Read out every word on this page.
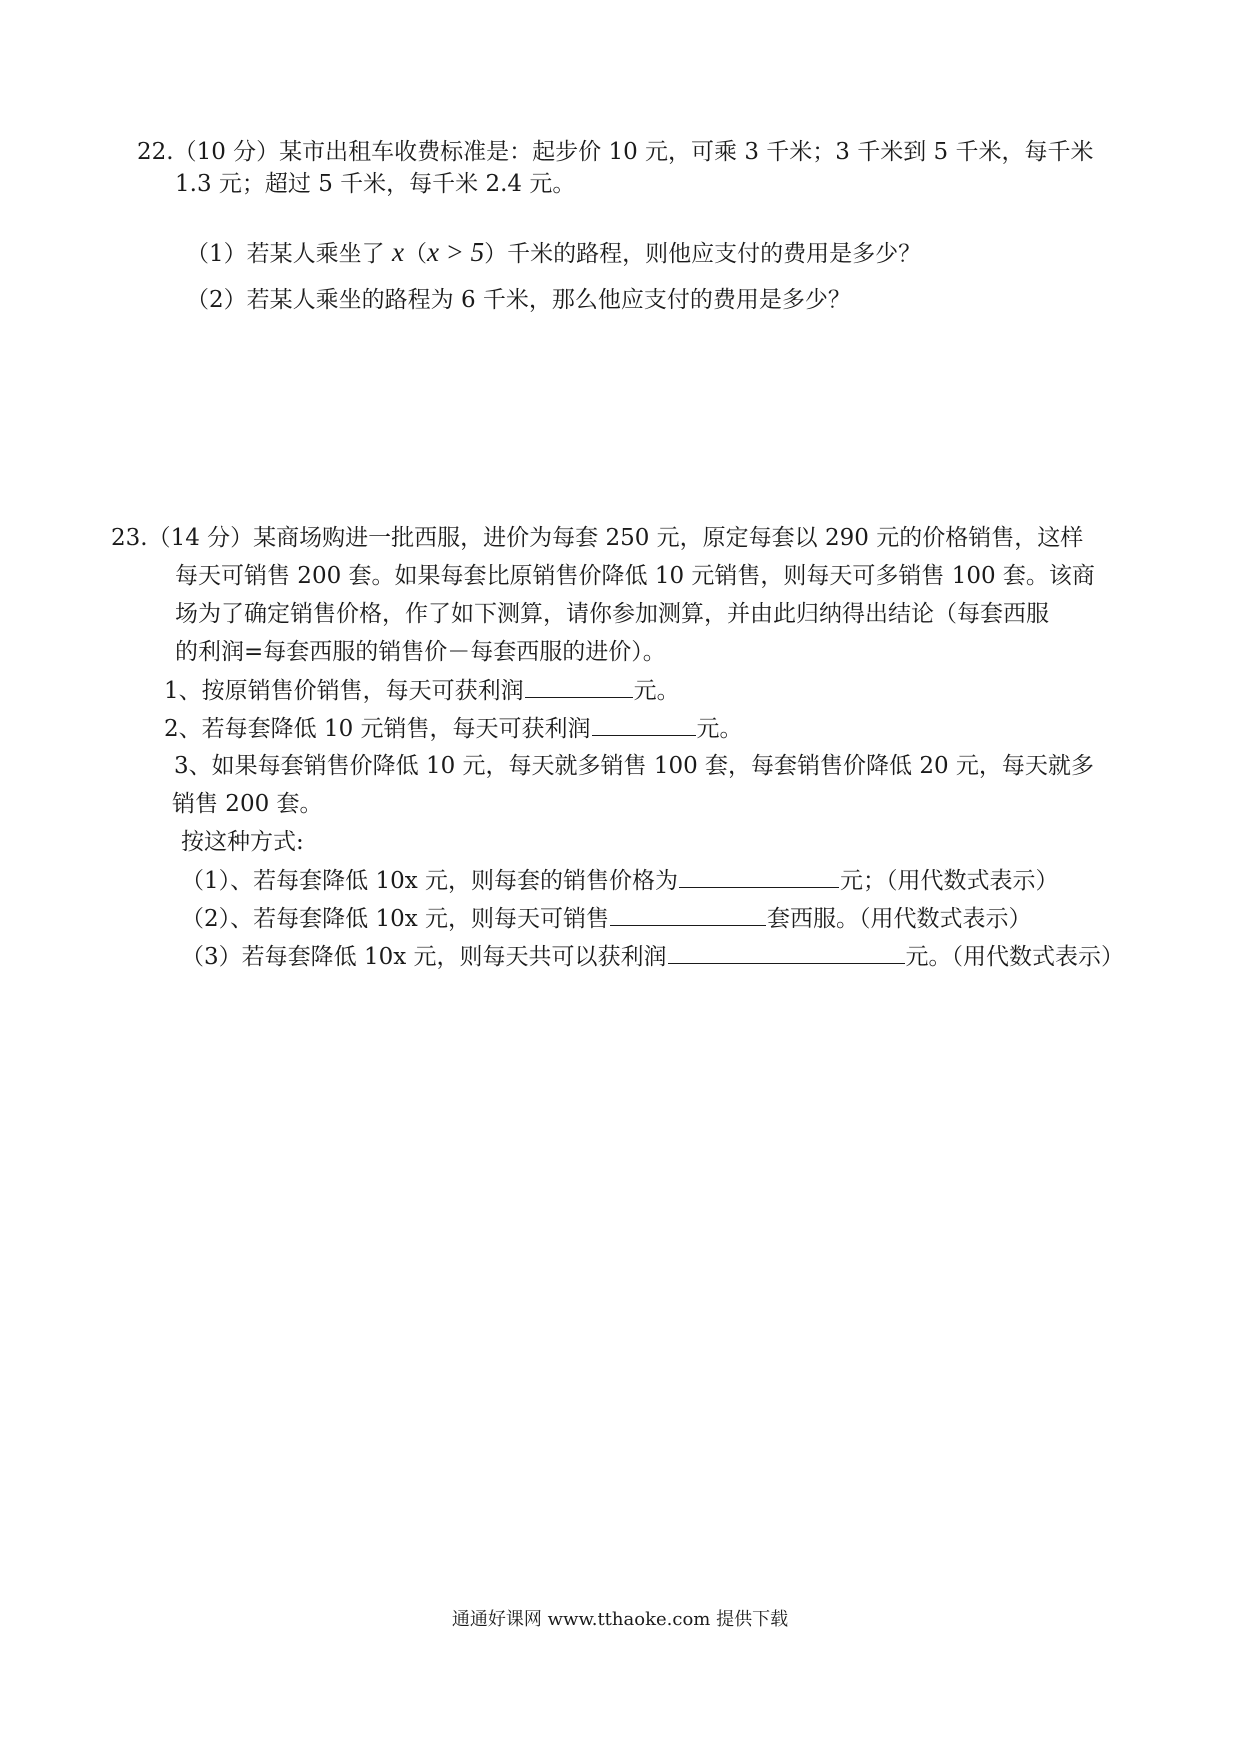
22.（10 分）某市出租车收费标准是：起步价 10 元，可乘 3 千米；3 千米到 5 千米，每千米
1.3 元；超过 5 千米，每千米 2.4 元。
（1）若某人乘坐了 x（x > 5）千米的路程，则他应支付的费用是多少？
（2）若某人乘坐的路程为 6 千米，那么他应支付的费用是多少？
23.（14 分）某商场购进一批西服，进价为每套 250 元，原定每套以 290 元的价格销售，这样
每天可销售 200 套。如果每套比原销售价降低 10 元销售，则每天可多销售 100 套。该商
场为了确定销售价格，作了如下测算，请你参加测算，并由此归纳得出结论（每套西服
的利润=每套西服的销售价－每套西服的进价）。
1、按原销售价销售，每天可获利润	元。
2、若每套降低 10 元销售，每天可获利润	元。
3、如果每套销售价降低 10 元，每天就多销售 100 套，每套销售价降低 20 元，每天就多
销售 200 套。
按这种方式:
（1）、若每套降低 10x 元，则每套的销售价格为	元；（用代数式表示）
（2）、若每套降低 10x 元，则每天可销售	套西服。（用代数式表示）
（3）若每套降低 10x 元，则每天共可以获利润	元。（用代数式表示）
通通好课网 www.tthaoke.com 提供下载
